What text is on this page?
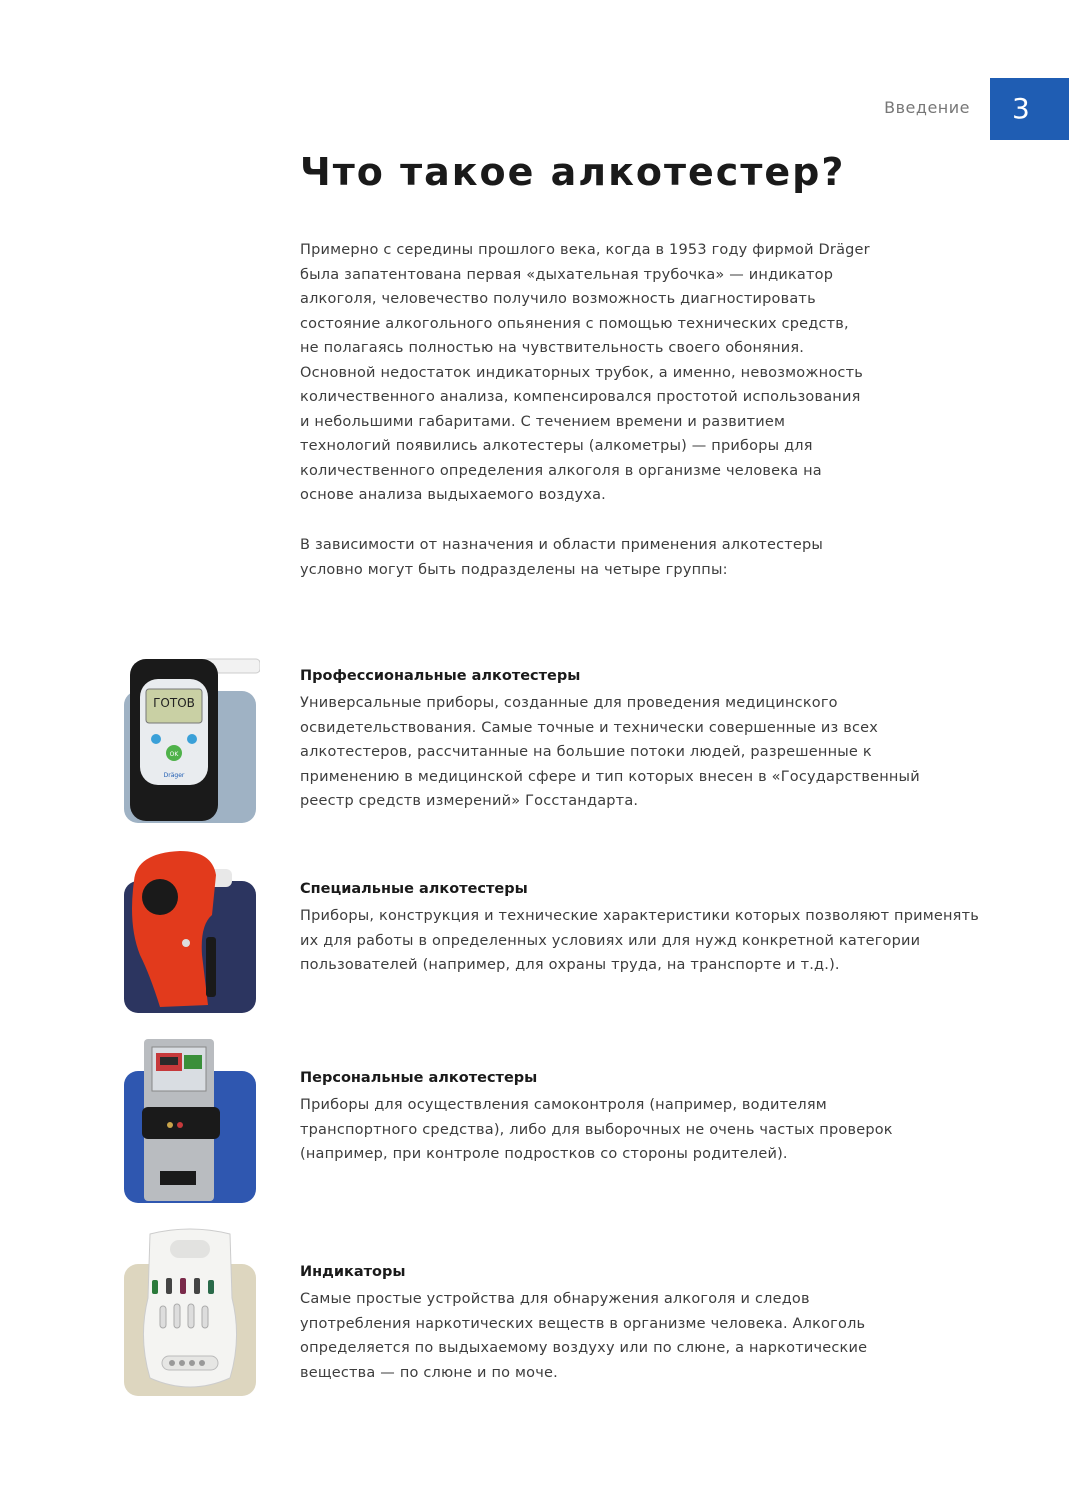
Введение	3
Что такое алкотестер?
Примерно с середины прошлого века, когда в 1953 году фирмой Dräger
была запатентована первая «дыхательная трубочка» — индикатор
алкоголя, человечество получило возможность диагностировать
состояние алкогольного опьянения с помощью технических средств,
не полагаясь полностью на чувствительность своего обоняния.
Основной недостаток индикаторных трубок, а именно, невозможность
количественного анализа, компенсировался простотой использования
и небольшими габаритами. С течением времени и развитием
технологий появились алкотестеры (алкометры) — приборы для
количественного определения алкоголя в организме человека на
основе анализа выдыхаемого воздуха.
В зависимости от назначения и области применения алкотестеры
условно могут быть подразделены на четыре группы:
ГОТОВ
OK
Dräger
Профессиональные алкотестеры

Универсальные приборы, созданные для проведения медицинского
освидетельствования. Самые точные и технически совершенные из всех
алкотестеров, рассчитанные на большие потоки людей, разрешенные к
применению в медицинской сфере и тип которых внесен в «Государственный
реестр средств измерений» Госстандарта.

Специальные алкотестеры

Приборы, конструкция и технические характеристики которых позволяют применять
их для работы в определенных условиях или для нужд конкретной категории
пользователей (например, для охраны труда, на транспорте и т.д.).

Персональные алкотестеры

Приборы для осуществления самоконтроля (например, водителям
транспортного средства), либо для выборочных не очень частых проверок
(например, при контроле подростков со стороны родителей).

Индикаторы

Самые простые устройства для обнаружения алкоголя и следов
употребления наркотических веществ в организме человека. Алкоголь
определяется по выдыхаемому воздуху или по слюне, а наркотические
вещества — по слюне и по моче.
